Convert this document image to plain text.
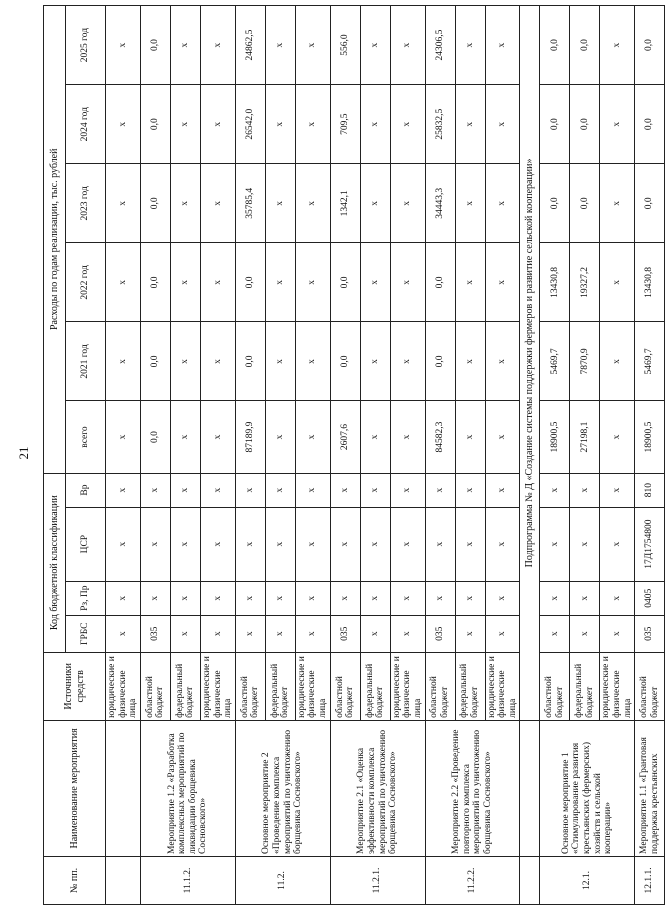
21
№ пп.	Наименование мероприятия	Источники средств	Код бюджетной классификации				Расходы по годам реализации, тыс. рублей					
			ГРБС	Рз, Пр	ЦСР	Вр	всего	2021 год	2022 год	2023 год	2024 год	2025 год

		юридические и физические лица	х	х	х	х	х	х	х	х	х	х
11.1.2.	Мероприятие 1.2 «Разработка комплексных мероприятий по ликвидации борщевика Сосновского»	областной бюджет	035	х	х	х	0,0	0,0	0,0	0,0	0,0	0,0
		федеральный бюджет	х	х	х	х	х	х	х	х	х	х
		юридические и физические лица	х	х	х	х	х	х	х	х	х	х
11.2.	Основное мероприятие 2 «Проведение комплекса мероприятий по уничтожению борщевика Сосновского»	областной бюджет	х	х	х	х	87189,9	0,0	0,0	35785,4	26542,0	24862,5
		федеральный бюджет	х	х	х	х	х	х	х	х	х	х
		юридические и физические лица	х	х	х	х	х	х	х	х	х	х
11.2.1.	Мероприятие 2.1 «Оценка эффективности комплекса мероприятий по уничтожению борщевика Сосновского»	областной бюджет	035	х	х	х	2607,6	0,0	0,0	1342,1	709,5	556,0
		федеральный бюджет	х	х	х	х	х	х	х	х	х	х
		юридические и физические лица	х	х	х	х	х	х	х	х	х	х
11.2.2.	Мероприятие 2.2 «Проведение повторного комплекса мероприятий по уничтожению борщевика Сосновского»	областной бюджет	035	х	х	х	84582,3	0,0	0,0	34443,3	25832,5	24306,5
		федеральный бюджет	х	х	х	х	х	х	х	х	х	х
		юридические и физические лица	х	х	х	х	х	х	х	х	х	х
		Подпрограмма № Д «Создание системы поддержки фермеров и развитие сельской кооперации»										
12.1.	Основное мероприятие 1 «Стимулирование развития крестьянских (фермерских) хозяйств и сельской кооперации»	областной бюджет	х	х	х	х	18900,5	5469,7	13430,8	0,0	0,0	0,0
		федеральный бюджет	х	х	х	х	27198,1	7870,9	19327,2	0,0	0,0	0,0
		юридические и физические лица	х	х	х	х	х	х	х	х	х	х
12.1.1.	Мероприятие 1.1 «Грантовая поддержка крестьянских	областной бюджет	035	0405	17Д1754800	810	18900,5	5469,7	13430,8	0,0	0,0	0,0
